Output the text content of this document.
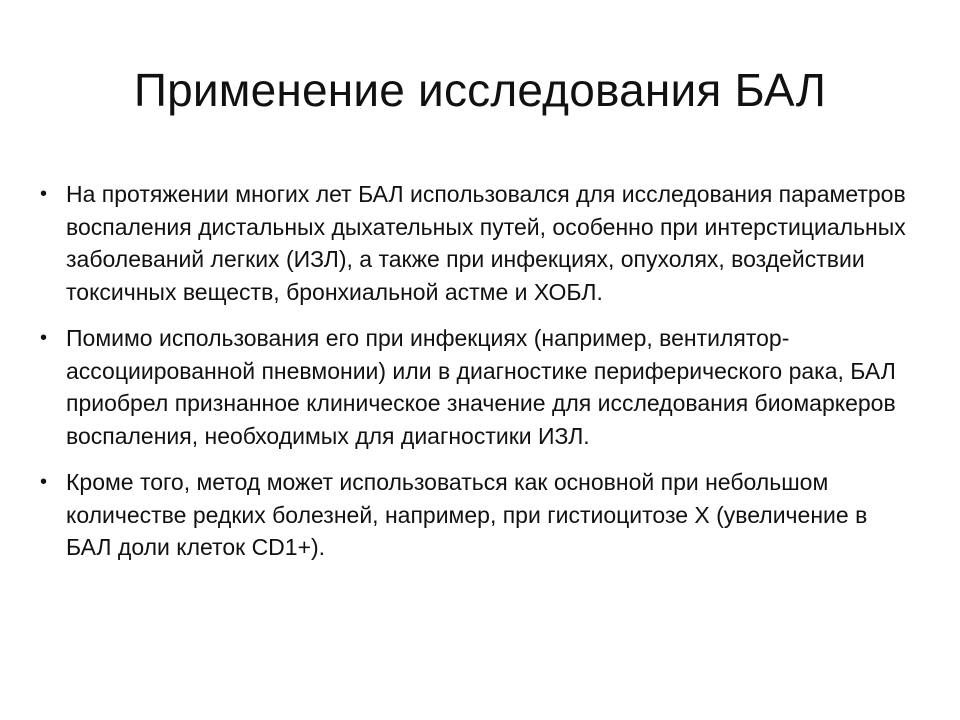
Применение исследования БАЛ
• На протяжении многих лет БАЛ использовался для исследования параметров воспаления дистальных дыхательных путей, особенно при интерстициальных заболеваний легких (ИЗЛ), а также при инфекциях, опухолях, воздействии токсичных веществ, бронхиальной астме и ХОБЛ.
• Помимо использования его при инфекциях (например, вентилятор-ассоциированной пневмонии) или в диагностике периферического рака, БАЛ приобрел признанное клиническое значение для исследования биомаркеров воспаления, необходимых для диагностики ИЗЛ.
• Кроме того, метод может использоваться как основной при небольшом количестве редких болезней, например, при гистиоцитозе Х (увеличение в БАЛ доли клеток CD1+).
